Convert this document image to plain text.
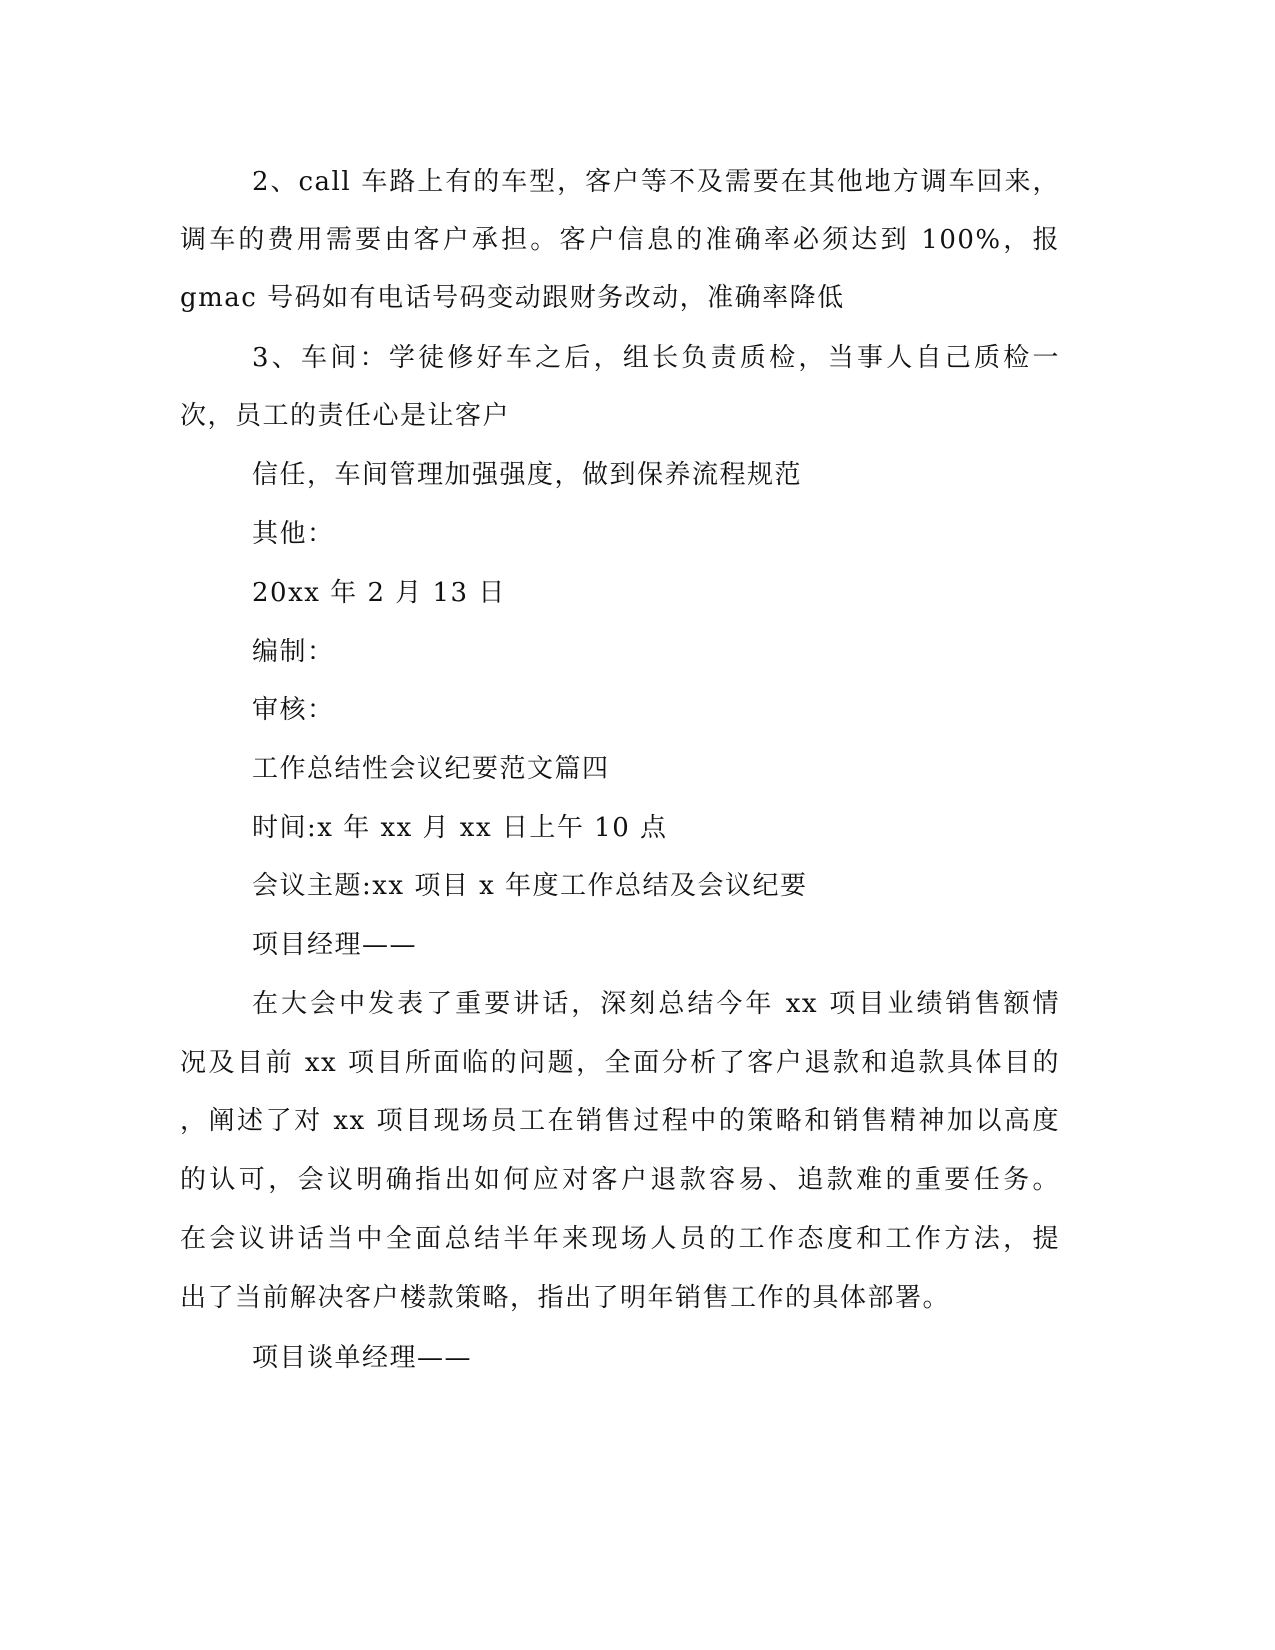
2、call 车路上有的车型，客户等不及需要在其他地方调车回来，
调车的费用需要由客户承担。客户信息的准确率必须达到 100%，报
gmac 号码如有电话号码变动跟财务改动，准确率降低
3、车间：学徒修好车之后，组长负责质检，当事人自己质检一
次，员工的责任心是让客户
信任，车间管理加强强度，做到保养流程规范
其他：
20xx 年 2 月 13 日
编制：
审核：
工作总结性会议纪要范文篇四
时间:x 年 xx 月 xx 日上午 10 点
会议主题:xx 项目 x 年度工作总结及会议纪要
项目经理——
在大会中发表了重要讲话，深刻总结今年 xx 项目业绩销售额情
况及目前 xx 项目所面临的问题，全面分析了客户退款和追款具体目的
，阐述了对 xx 项目现场员工在销售过程中的策略和销售精神加以高度
的认可，会议明确指出如何应对客户退款容易、追款难的重要任务。
在会议讲话当中全面总结半年来现场人员的工作态度和工作方法，提
出了当前解决客户楼款策略，指出了明年销售工作的具体部署。
项目谈单经理——
